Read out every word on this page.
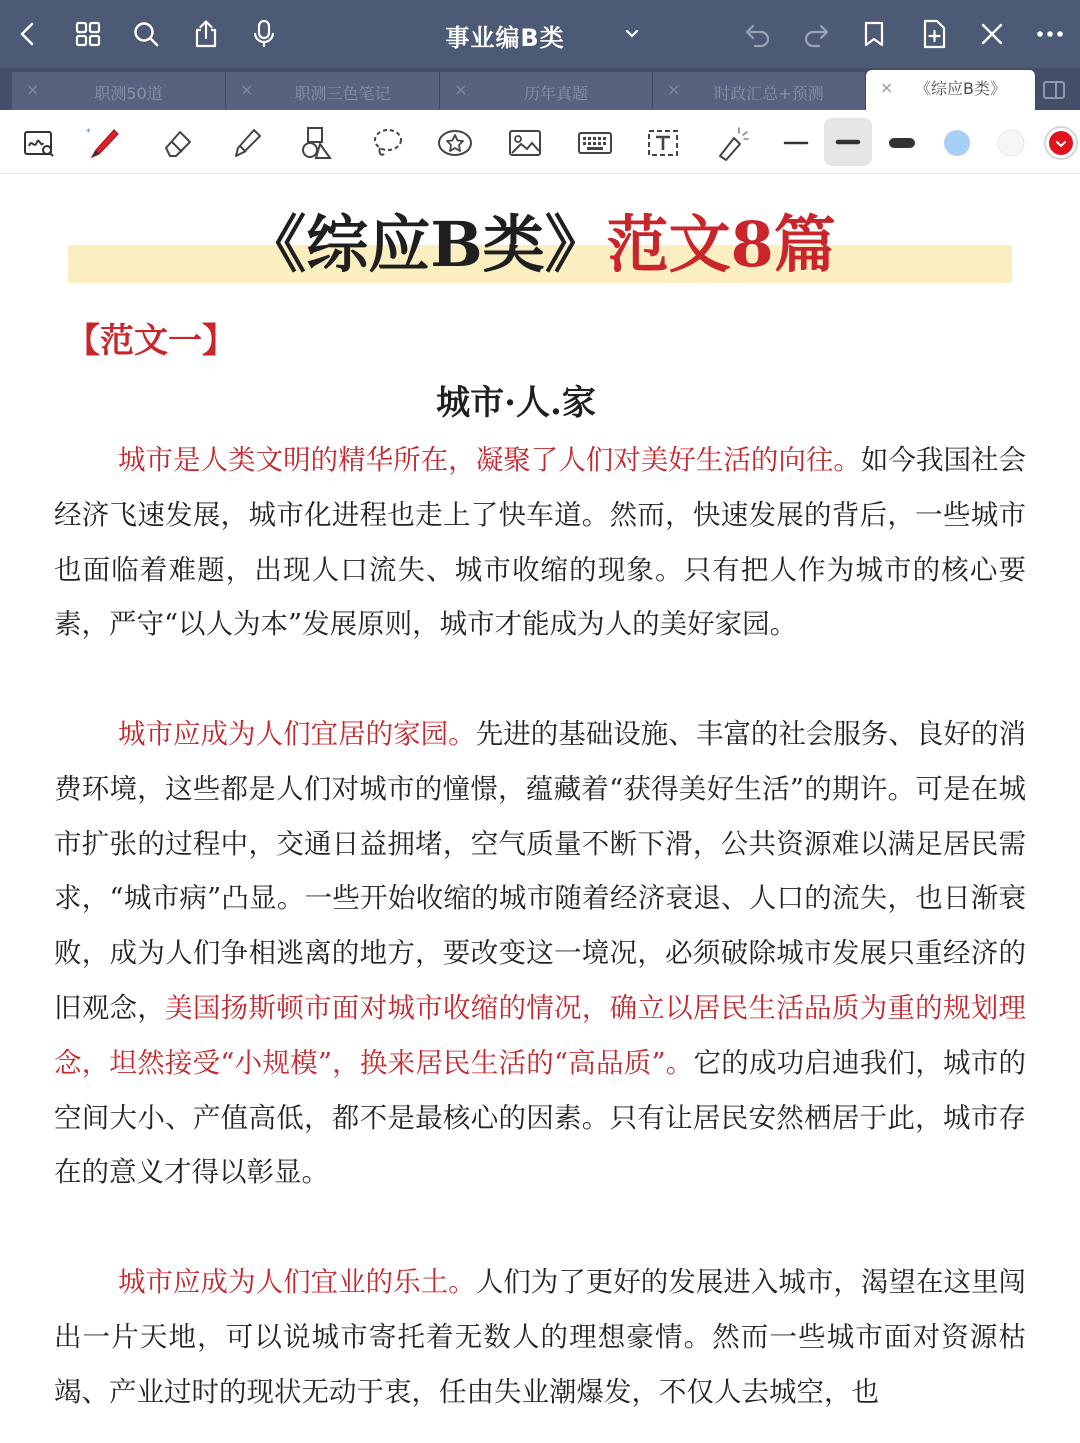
事业编B类
×	职测50道	×	职测三色笔记	×	历年真题	×	时政汇总+预测	×	《综应B类》
⁎
《综应B类》范文8篇
【范文一】
城市·人.家

城市是人类文明的精华所在，凝聚了人们对美好生活的向往。如今我国社会经济飞速发展，城市化进程也走上了快车道。然而，快速发展的背后，一些城市也面临着难题，出现人口流失、城市收缩的现象。只有把人作为城市的核心要素，严守“以人为本”发展原则，城市才能成为人的美好家园。

城市应成为人们宜居的家园。先进的基础设施、丰富的社会服务、良好的消费环境，这些都是人们对城市的憧憬，蕴藏着“获得美好生活”的期许。可是在城市扩张的过程中，交通日益拥堵，空气质量不断下滑，公共资源难以满足居民需求，“城市病”凸显。一些开始收缩的城市随着经济衰退、人口的流失，也日渐衰败，成为人们争相逃离的地方，要改变这一境况，必须破除城市发展只重经济的旧观念，美国扬斯顿市面对城市收缩的情况，确立以居民生活品质为重的规划理念，坦然接受“小规模”，换来居民生活的“高品质”。它的成功启迪我们，城市的空间大小、产值高低，都不是最核心的因素。只有让居民安然栖居于此，城市存在的意义才得以彰显。

城市应成为人们宜业的乐土。人们为了更好的发展进入城市，渴望在这里闯出一片天地，可以说城市寄托着无数人的理想豪情。然而一些城市面对资源枯竭、产业过时的现状无动于衷，任由失业潮爆发，不仅人去城空，也
